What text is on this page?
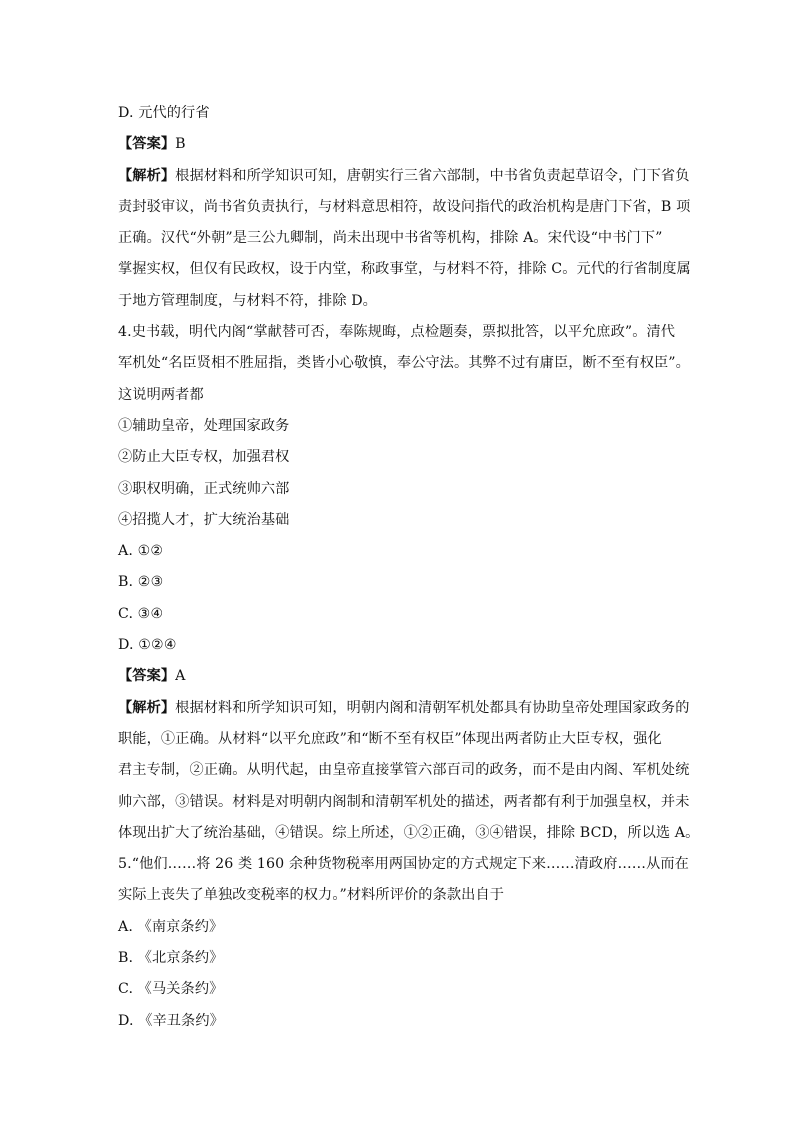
D. 元代的行省
【答案】B
【解析】根据材料和所学知识可知，唐朝实行三省六部制，中书省负责起草诏令，门下省负
责封驳审议，尚书省负责执行，与材料意思相符，故设问指代的政治机构是唐门下省，B 项
正确。汉代“外朝”是三公九卿制，尚未出现中书省等机构，排除 A。宋代设“中书门下”
掌握实权，但仅有民政权，设于内堂，称政事堂，与材料不符，排除 C。元代的行省制度属
于地方管理制度，与材料不符，排除 D。
4.史书载，明代内阁“掌献替可否，奉陈规晦，点检题奏，票拟批答，以平允庶政”。清代
军机处“名臣贤相不胜屈指，类皆小心敬慎，奉公守法。其弊不过有庸臣，断不至有权臣”。
这说明两者都
①辅助皇帝，处理国家政务
②防止大臣专权，加强君权
③职权明确，正式统帅六部
④招揽人才，扩大统治基础
A. ①②
B. ②③
C. ③④
D. ①②④
【答案】A
【解析】根据材料和所学知识可知，明朝内阁和清朝军机处都具有协助皇帝处理国家政务的
职能，①正确。从材料“以平允庶政”和“断不至有权臣”体现出两者防止大臣专权，强化
君主专制，②正确。从明代起，由皇帝直接掌管六部百司的政务，而不是由内阁、军机处统
帅六部，③错误。材料是对明朝内阁制和清朝军机处的描述，两者都有利于加强皇权，并未
体现出扩大了统治基础，④错误。综上所述，①②正确，③④错误，排除 BCD，所以选 A。
5.“他们……将 26 类 160 余种货物税率用两国协定的方式规定下来……清政府……从而在
实际上丧失了单独改变税率的权力。”材料所评价的条款出自于
A. 《南京条约》
B. 《北京条约》
C. 《马关条约》
D. 《辛丑条约》
